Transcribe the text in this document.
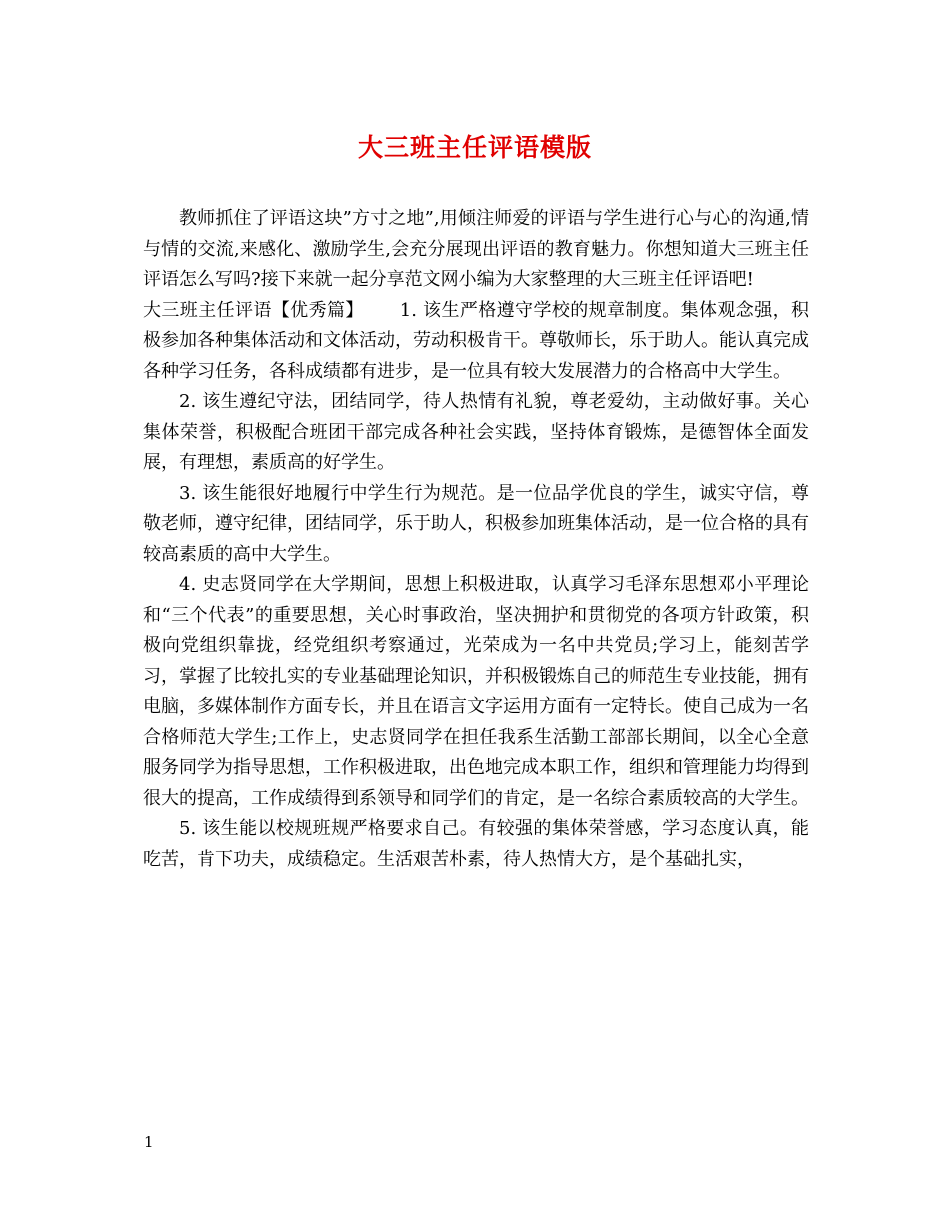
大三班主任评语模版

教师抓住了评语这块”方寸之地”,用倾注师爱的评语与学生进行心与心的沟通,情与情的交流,来感化、激励学生,会充分展现出评语的教育魅力。你想知道大三班主任评语怎么写吗?接下来就一起分享范文网小编为大家整理的大三班主任评语吧!

大三班主任评语【优秀篇】 1. 该生严格遵守学校的规章制度。集体观念强，积极参加各种集体活动和文体活动，劳动积极肯干。尊敬师长，乐于助人。能认真完成各种学习任务，各科成绩都有进步，是一位具有较大发展潜力的合格高中大学生。

2. 该生遵纪守法，团结同学，待人热情有礼貌，尊老爱幼，主动做好事。关心集体荣誉，积极配合班团干部完成各种社会实践，坚持体育锻炼，是德智体全面发展，有理想，素质高的好学生。

3. 该生能很好地履行中学生行为规范。是一位品学优良的学生，诚实守信，尊敬老师，遵守纪律，团结同学，乐于助人，积极参加班集体活动，是一位合格的具有较高素质的高中大学生。

4. 史志贤同学在大学期间，思想上积极进取，认真学习毛泽东思想邓小平理论和“三个代表”的重要思想，关心时事政治，坚决拥护和贯彻党的各项方针政策，积极向党组织靠拢，经党组织考察通过，光荣成为一名中共党员;学习上，能刻苦学习，掌握了比较扎实的专业基础理论知识，并积极锻炼自己的师范生专业技能，拥有电脑，多媒体制作方面专长，并且在语言文字运用方面有一定特长。使自己成为一名合格师范大学生;工作上，史志贤同学在担任我系生活勤工部部长期间，以全心全意服务同学为指导思想，工作积极进取，出色地完成本职工作，组织和管理能力均得到很大的提高，工作成绩得到系领导和同学们的肯定，是一名综合素质较高的大学生。

5. 该生能以校规班规严格要求自己。有较强的集体荣誉感，学习态度认真，能吃苦，肯下功夫，成绩稳定。生活艰苦朴素，待人热情大方，是个基础扎实，

1
